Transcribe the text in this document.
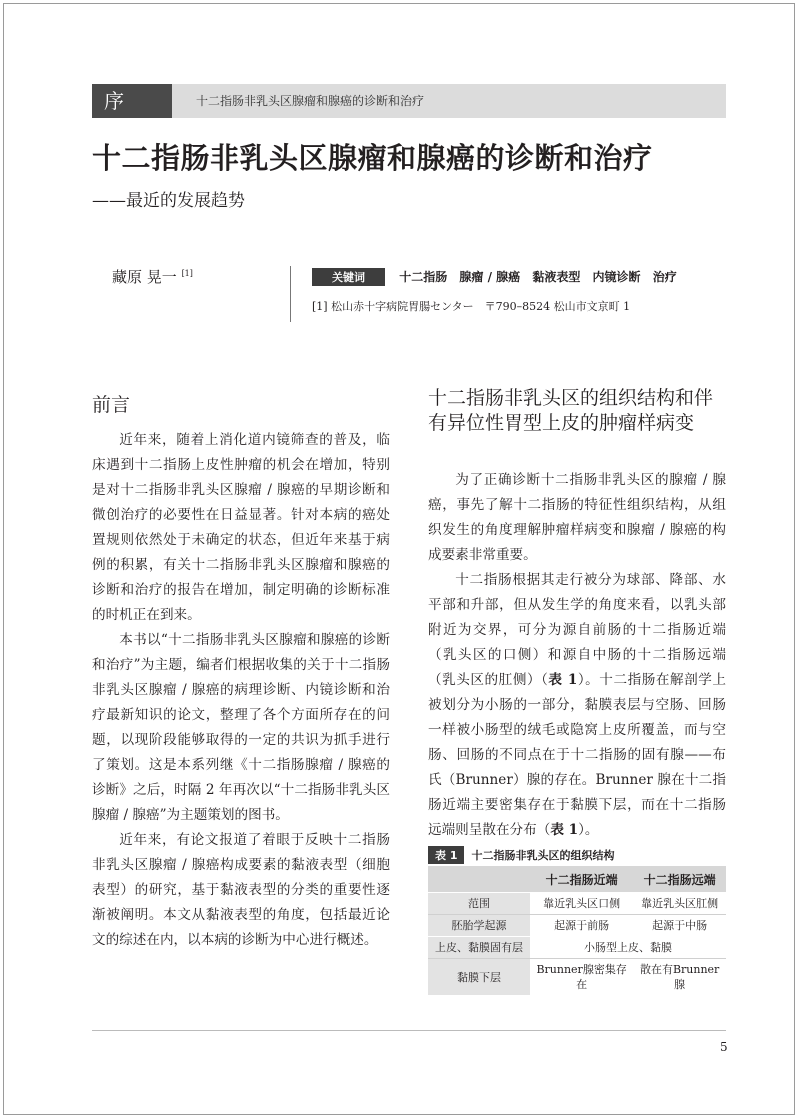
序	十二指肠非乳头区腺瘤和腺癌的诊断和治疗
十二指肠非乳头区腺瘤和腺癌的诊断和治疗
——最近的发展趋势
藏原 晃一 [1]	关键词	十二指肠 腺瘤 / 腺癌 黏液表型 内镜诊断 治疗
[1] 松山赤十字病院胃腸センター　〒790–8524 松山市文京町 1
前言

近年来，随着上消化道内镜筛查的普及，临床遇到十二指肠上皮性肿瘤的机会在增加，特别是对十二指肠非乳头区腺瘤 / 腺癌的早期诊断和微创治疗的必要性在日益显著。针对本病的癌处置规则依然处于未确定的状态，但近年来基于病例的积累，有关十二指肠非乳头区腺瘤和腺癌的诊断和治疗的报告在增加，制定明确的诊断标准的时机正在到来。

本书以“十二指肠非乳头区腺瘤和腺癌的诊断和治疗”为主题，编者们根据收集的关于十二指肠非乳头区腺瘤 / 腺癌的病理诊断、内镜诊断和治疗最新知识的论文，整理了各个方面所存在的问题，以现阶段能够取得的一定的共识为抓手进行了策划。这是本系列继《十二指肠腺瘤 / 腺癌的诊断》之后，时隔 2 年再次以“十二指肠非乳头区腺瘤 / 腺癌”为主题策划的图书。

近年来，有论文报道了着眼于反映十二指肠非乳头区腺瘤 / 腺癌构成要素的黏液表型（细胞表型）的研究，基于黏液表型的分类的重要性逐渐被阐明。本文从黏液表型的角度，包括最近论文的综述在内，以本病的诊断为中心进行概述。

十二指肠非乳头区的组织结构和伴有异位性胃型上皮的肿瘤样病变

为了正确诊断十二指肠非乳头区的腺瘤 / 腺癌，事先了解十二指肠的特征性组织结构，从组织发生的角度理解肿瘤样病变和腺瘤 / 腺癌的构成要素非常重要。

十二指肠根据其走行被分为球部、降部、水平部和升部，但从发生学的角度来看，以乳头部附近为交界，可分为源自前肠的十二指肠近端（乳头区的口侧）和源自中肠的十二指肠远端（乳头区的肛侧）（表 1）。十二指肠在解剖学上被划分为小肠的一部分，黏膜表层与空肠、回肠一样被小肠型的绒毛或隐窝上皮所覆盖，而与空肠、回肠的不同点在于十二指肠的固有腺——布氏（Brunner）腺的存在。Brunner 腺在十二指肠近端主要密集存在于黏膜下层，而在十二指肠远端则呈散在分布（表 1）。

表 1 十二指肠非乳头区的组织结构
	十二指肠近端	十二指肠远端
范围	靠近乳头区口侧	靠近乳头区肛侧
胚胎学起源	起源于前肠	起源于中肠
上皮、黏膜固有层	小肠型上皮、黏膜	
黏膜下层	Brunner腺密集存在	散在有Brunner腺
5
